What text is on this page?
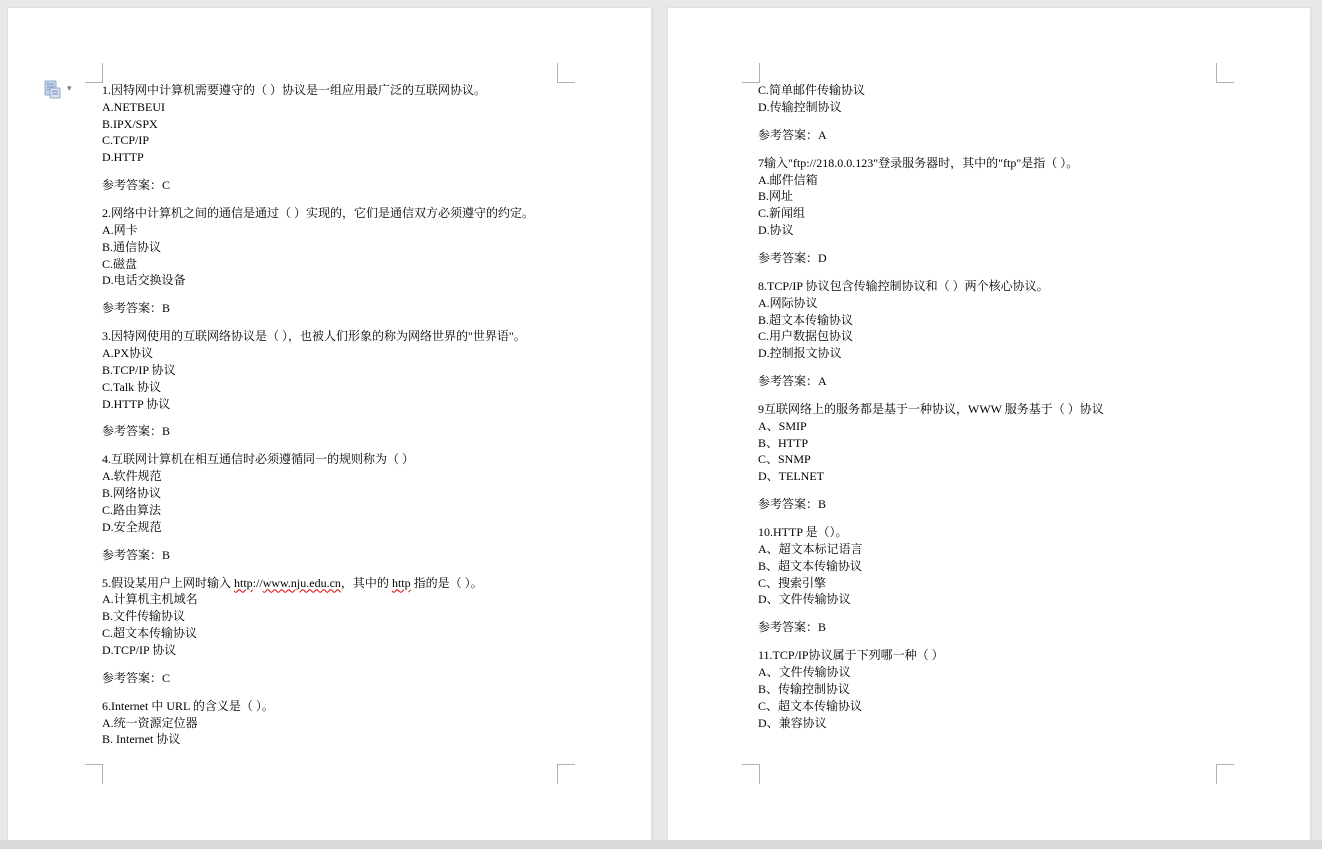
1.因特网中计算机需要遵守的（ ）协议是一组应用最广泛的互联网协议。

A.NETBEUI

B.IPX/SPX

C.TCP/IP

D.HTTP

参考答案：C

2.网络中计算机之间的通信是通过（ ）实现的，它们是通信双方必须遵守的约定。

A.网卡

B.通信协议

C.磁盘

D.电话交换设备

参考答案：B

3.因特网使用的互联网络协议是（ ），也被人们形象的称为网络世界的"世界语"。

A.PX协议

B.TCP/IP 协议

C.Talk 协议

D.HTTP 协议

参考答案：B

4.互联网计算机在相互通信时必须遵循同一的规则称为（ ）

A.软件规范

B.网络协议

C.路由算法

D.安全规范

参考答案：B

5.假设某用户上网时输入 http://www.nju.edu.cn，其中的 http 指的是（ ）。

A.计算机主机域名

B.文件传输协议

C.超文本传输协议

D.TCP/IP 协议

参考答案：C

6.Internet 中 URL 的含义是（ ）。

A.统一资源定位器

B. Internet 协议

C.简单邮件传输协议

D.传输控制协议

参考答案：A

7输入"ftp://218.0.0.123"登录服务器时，其中的"ftp"是指（ ）。

A.邮件信箱

B.网址

C.新闻组

D.协议

参考答案：D

8.TCP/IP 协议包含传输控制协议和（ ）两个核心协议。

A.网际协议

B.超文本传输协议

C.用户数据包协议

D.控制报文协议

参考答案：A

9互联网络上的服务都是基于一种协议，WWW 服务基于（ ）协议

A、SMIP

B、HTTP

C、SNMP

D、TELNET

参考答案：B

10.HTTP 是（）。

A、超文本标记语言

B、超文本传输协议

C、搜索引擎

D、文件传输协议

参考答案：B

11.TCP/IP协议属于下列哪一种（ ）

A、文件传输协议

B、传输控制协议

C、超文本传输协议

D、兼容协议

▾
